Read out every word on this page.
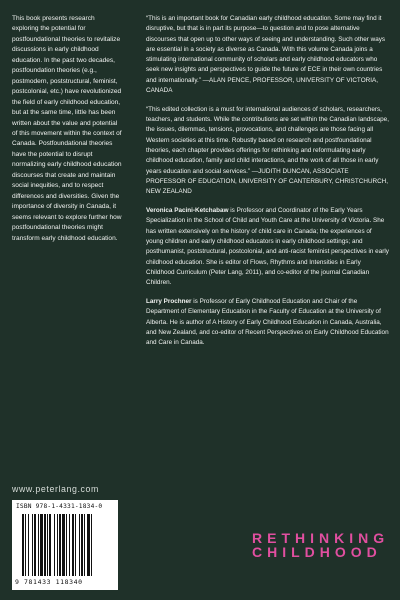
This book presents research exploring the potential for postfoundational theories to revitalize discussions in early childhood education. In the past two decades, postfoundation theories (e.g., postmodern, poststructural, feminist, postcolonial, etc.) have revolutionized the field of early childhood education, but at the same time, little has been written about the value and potential of this movement within the context of Canada. Postfoundational theories have the potential to disrupt normalizing early childhood education discourses that create and maintain social inequities, and to respect differences and diversities. Given the importance of diversity in Canada, it seems relevant to explore further how postfoundational theories might transform early childhood education.
www.peterlang.com
ISBN 978-1-4331-1834-0
9 781433 118340

“This is an important book for Canadian early childhood education. Some may find it disruptive, but that is in part its purpose—to question and to pose alternative discourses that open up to other ways of seeing and understanding. Such other ways are essential in a society as diverse as Canada. With this volume Canada joins a stimulating international community of scholars and early childhood educators who seek new insights and perspectives to guide the future of ECE in their own countries and internationally.” —ALAN PENCE, PROFESSOR, UNIVERSITY OF VICTORIA, CANADA

“This edited collection is a must for international audiences of scholars, researchers, teachers, and students. While the contributions are set within the Canadian landscape, the issues, dilemmas, tensions, provocations, and challenges are those facing all Western societies at this time. Robustly based on research and postfoundational theories, each chapter provides offerings for rethinking and reformulating early childhood education, family and child interactions, and the work of all those in early years education and social services.” —JUDITH DUNCAN, ASSOCIATE PROFESSOR OF EDUCATION, UNIVERSITY OF CANTERBURY, CHRISTCHURCH, NEW ZEALAND

Veronica Pacini-Ketchabaw is Professor and Coordinator of the Early Years Specialization in the School of Child and Youth Care at the University of Victoria. She has written extensively on the history of child care in Canada; the experiences of young children and early childhood educators in early childhood settings; and posthumanist, poststructural, postcolonial, and anti-racist feminist perspectives in early childhood education. She is editor of Flows, Rhythms and Intensities in Early Childhood Curriculum (Peter Lang, 2011), and co-editor of the journal Canadian Children.

Larry Prochner is Professor of Early Childhood Education and Chair of the Department of Elementary Education in the Faculty of Education at the University of Alberta. He is author of A History of Early Childhood Education in Canada, Australia, and New Zealand, and co-editor of Recent Perspectives on Early Childhood Education and Care in Canada.

RETHINKING
CHILDHOOD
